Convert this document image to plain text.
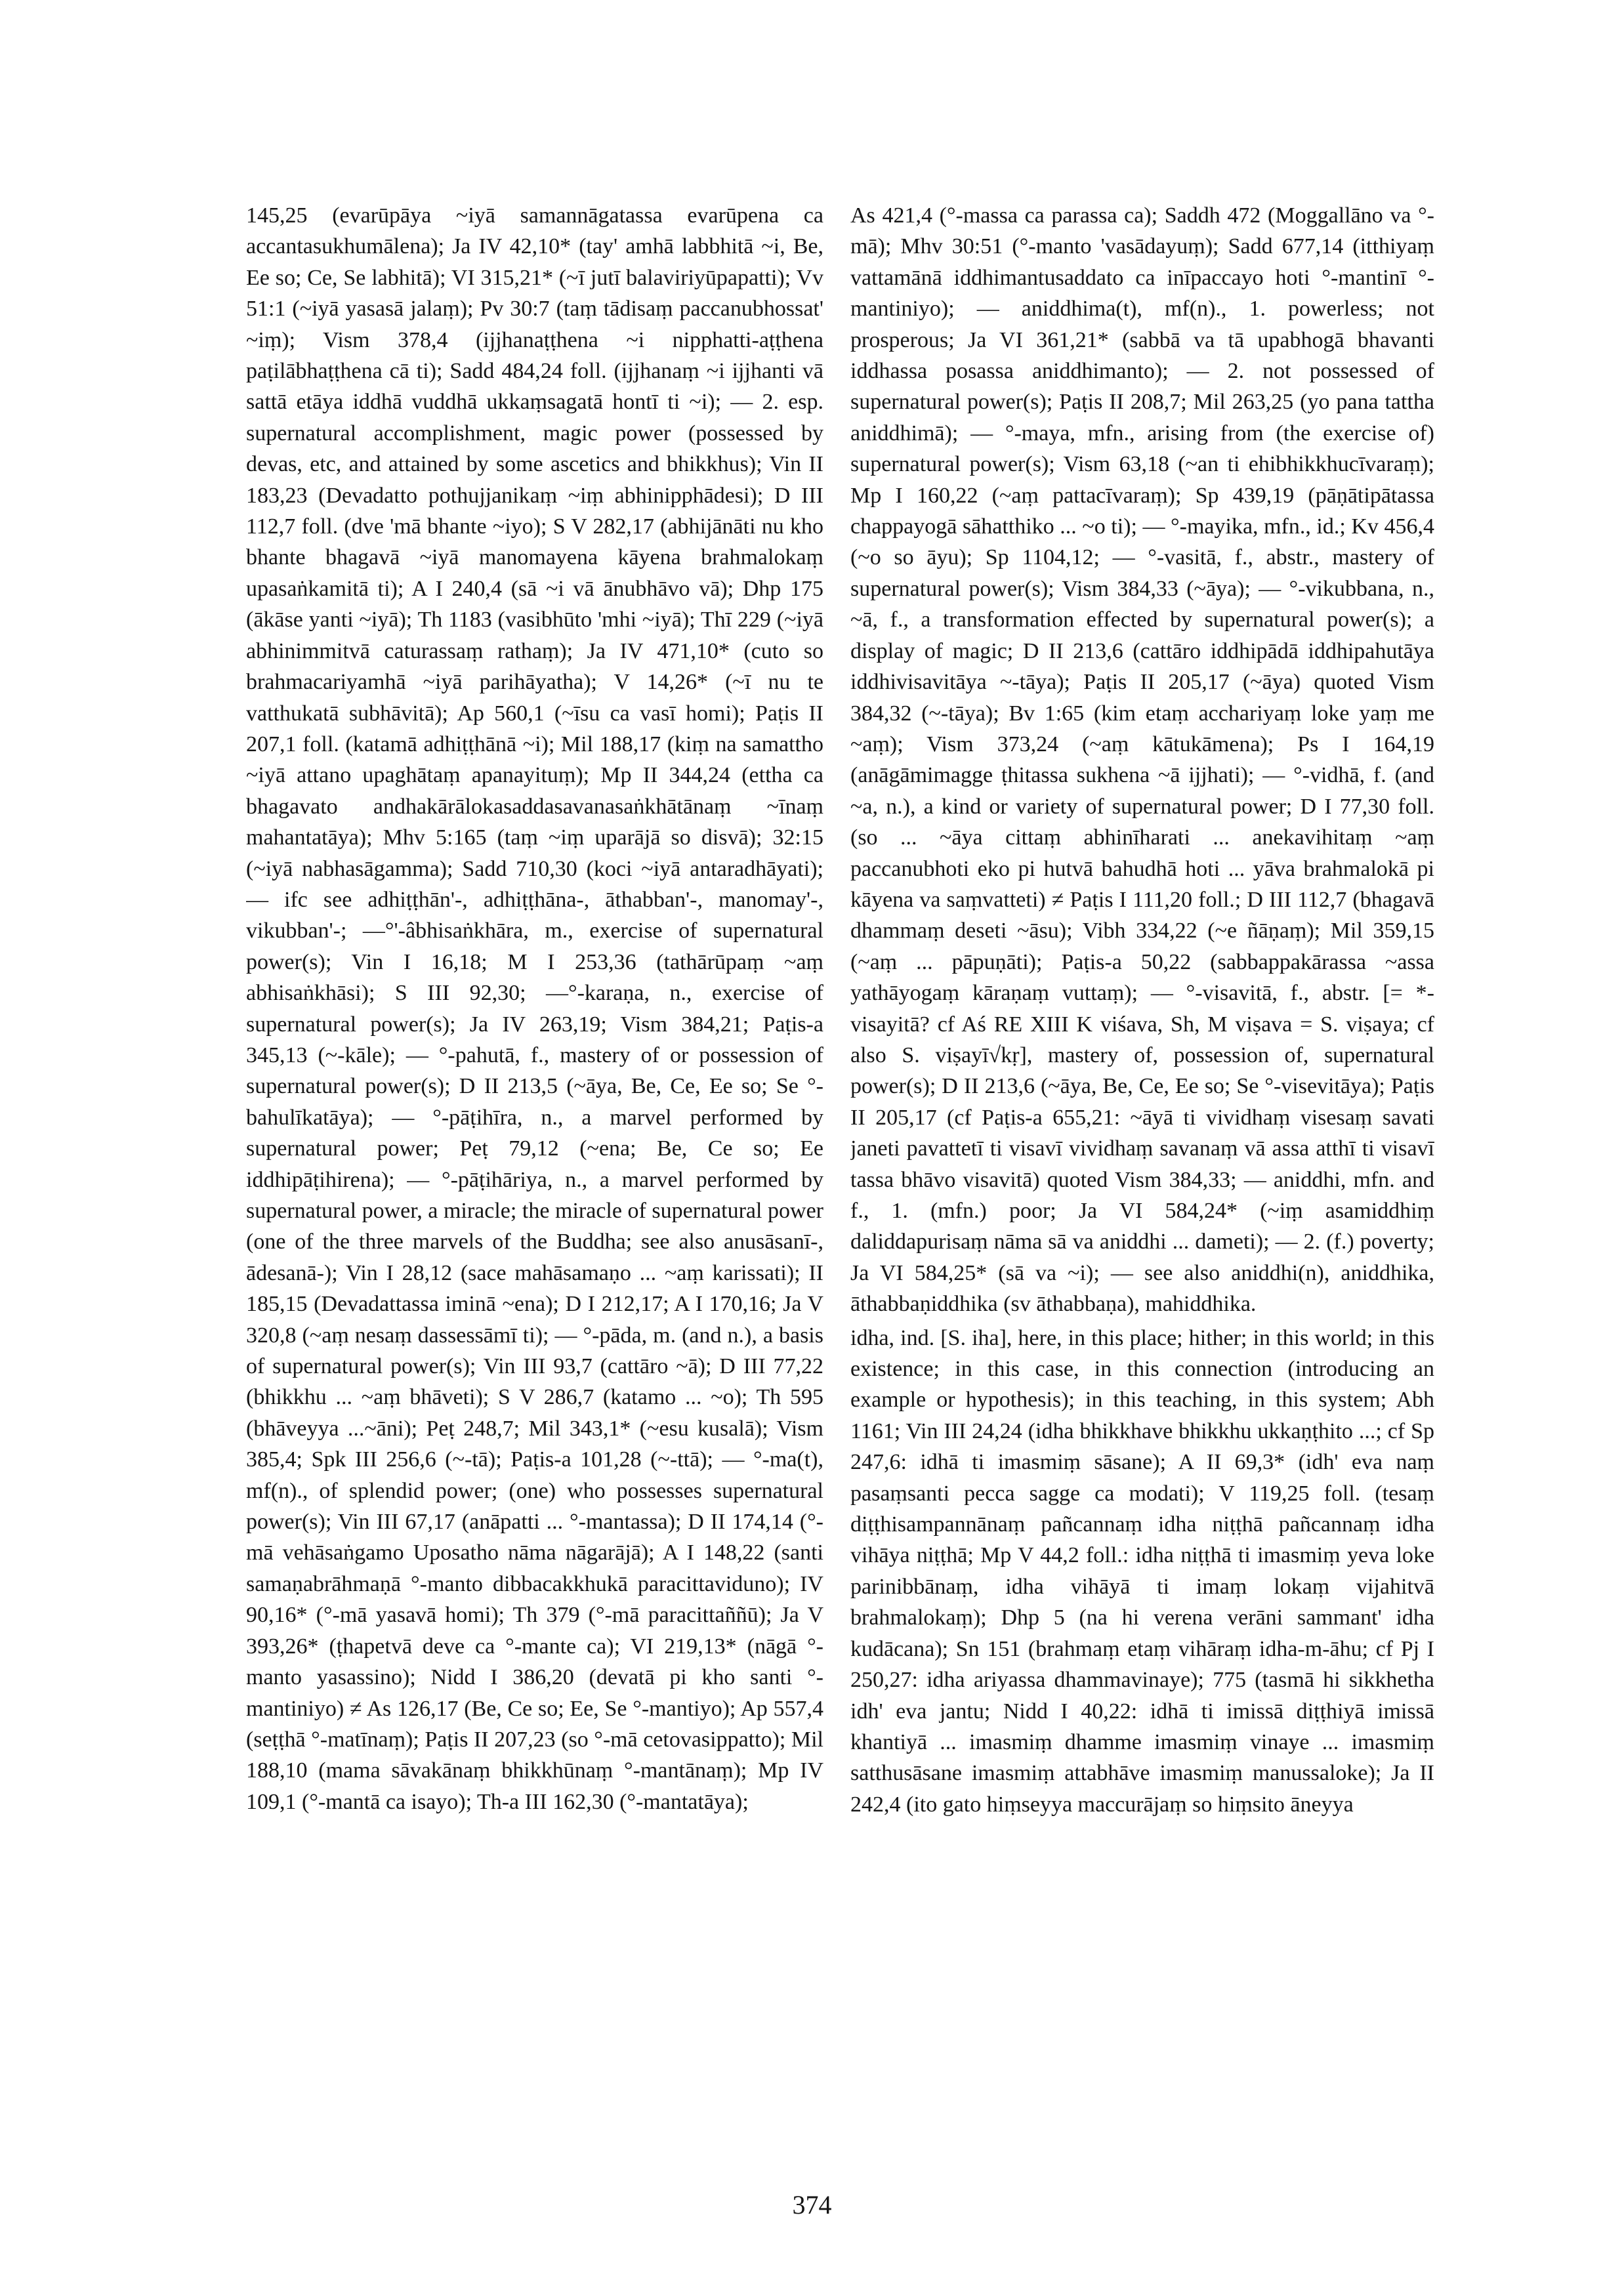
145,25 (evarūpāya ~iyā samannāgatassa evarūpena ca accantasukhumālena); Ja IV 42,10* (tay' amhā labbhitā ~i, Be, Ee so; Ce, Se labhitā); VI 315,21* (~ī jutī balaviriyūpapatti); Vv 51:1 (~iyā yasasā jalaṃ); Pv 30:7 (taṃ tādisaṃ paccanubhossat' ~iṃ); Vism 378,4 (ijjhanaṭṭhena ~i nipphatti-aṭṭhena paṭilābhaṭṭhena cā ti); Sadd 484,24 foll. (ijjhanaṃ ~i ijjhanti vā sattā etāya iddhā vuddhā ukkaṃsagatā hontī ti ~i); — 2. esp. supernatural accomplishment, magic power (possessed by devas, etc, and attained by some ascetics and bhikkhus); Vin II 183,23 (Devadatto pothujjanikaṃ ~iṃ abhinipphādesi); D III 112,7 foll. (dve 'mā bhante ~iyo); S V 282,17 (abhijānāti nu kho bhante bhagavā ~iyā manomayena kāyena brahmalokaṃ upasaṅkamitā ti); A I 240,4 (sā ~i vā ānubhāvo vā); Dhp 175 (ākāse yanti ~iyā); Th 1183 (vasibhūto 'mhi ~iyā); Thī 229 (~iyā abhinimmitvā caturassaṃ rathaṃ); Ja IV 471,10* (cuto so brahmacariyamhā ~iyā parihāyatha); V 14,26* (~ī nu te vatthukatā subhāvitā); Ap 560,1 (~īsu ca vasī homi); Paṭis II 207,1 foll. (katamā adhiṭṭhānā ~i); Mil 188,17 (kiṃ na samattho ~iyā attano upaghātaṃ apanayituṃ); Mp II 344,24 (ettha ca bhagavato andhakārālokasaddasavanasaṅkhātānaṃ ~īnaṃ mahantatāya); Mhv 5:165 (taṃ ~iṃ uparājā so disvā); 32:15 (~iyā nabhasāgamma); Sadd 710,30 (koci ~iyā antaradhāyati); — ifc see adhiṭṭhān'-, adhiṭṭhāna-, āthabban'-, manomay'-, vikubban'-; —°'-âbhisaṅkhāra, m., exercise of supernatural power(s); Vin I 16,18; M I 253,36 (tathārūpaṃ ~aṃ abhisaṅkhāsi); S III 92,30; —°-karaṇa, n., exercise of supernatural power(s); Ja IV 263,19; Vism 384,21; Paṭis-a 345,13 (~-kāle); — °-pahutā, f., mastery of or possession of supernatural power(s); D II 213,5 (~āya, Be, Ce, Ee so; Se °-bahulīkatāya); — °-pāṭihīra, n., a marvel performed by supernatural power; Peṭ 79,12 (~ena; Be, Ce so; Ee iddhipāṭihirena); — °-pāṭihāriya, n., a marvel performed by supernatural power, a miracle; the miracle of supernatural power (one of the three marvels of the Buddha; see also anusāsanī-, ādesanā-); Vin I 28,12 (sace mahāsamaṇo ... ~aṃ karissati); II 185,15 (Devadattassa iminā ~ena); D I 212,17; A I 170,16; Ja V 320,8 (~aṃ nesaṃ dassessāmī ti); — °-pāda, m. (and n.), a basis of supernatural power(s); Vin III 93,7 (cattāro ~ā); D III 77,22 (bhikkhu ... ~aṃ bhāveti); S V 286,7 (katamo ... ~o); Th 595 (bhāveyya ...~āni); Peṭ 248,7; Mil 343,1* (~esu kusalā); Vism 385,4; Spk III 256,6 (~-tā); Paṭis-a 101,28 (~-ttā); — °-ma(t), mf(n)., of splendid power; (one) who possesses supernatural power(s); Vin III 67,17 (anāpatti ... °-mantassa); D II 174,14 (°-mā vehāsaṅgamo Uposatho nāma nāgarājā); A I 148,22 (santi samaṇabrāhmaṇā °-manto dibbacakkhukā paracittaviduno); IV 90,16* (°-mā yasavā homi); Th 379 (°-mā paracittaññū); Ja V 393,26* (ṭhapetvā deve ca °-mante ca); VI 219,13* (nāgā °-manto yasassino); Nidd I 386,20 (devatā pi kho santi °-mantiniyo) ≠ As 126,17 (Be, Ce so; Ee, Se °-mantiyo); Ap 557,4 (seṭṭhā °-matīnaṃ); Paṭis II 207,23 (so °-mā cetovasippatto); Mil 188,10 (mama sāvakānaṃ bhikkhūnaṃ °-mantānaṃ); Mp IV 109,1 (°-mantā ca isayo); Th-a III 162,30 (°-mantatāya);

As 421,4 (°-massa ca parassa ca); Saddh 472 (Moggallāno va °-mā); Mhv 30:51 (°-manto 'vasādayuṃ); Sadd 677,14 (itthiyaṃ vattamānā iddhimantusaddato ca inīpaccayo hoti °-mantinī °-mantiniyo); — aniddhima(t), mf(n)., 1. powerless; not prosperous; Ja VI 361,21* (sabbā va tā upabhogā bhavanti iddhassa posassa aniddhimanto); — 2. not possessed of supernatural power(s); Paṭis II 208,7; Mil 263,25 (yo pana tattha aniddhimā); — °-maya, mfn., arising from (the exercise of) supernatural power(s); Vism 63,18 (~an ti ehibhikkhucīvaraṃ); Mp I 160,22 (~aṃ pattacīvaraṃ); Sp 439,19 (pāṇātipātassa chappayogā sāhatthiko ... ~o ti); — °-mayika, mfn., id.; Kv 456,4 (~o so āyu); Sp 1104,12; — °-vasitā, f., abstr., mastery of supernatural power(s); Vism 384,33 (~āya); — °-vikubbana, n., ~ā, f., a transformation effected by supernatural power(s); a display of magic; D II 213,6 (cattāro iddhipādā iddhipahutāya iddhivisavitāya ~-tāya); Paṭis II 205,17 (~āya) quoted Vism 384,32 (~-tāya); Bv 1:65 (kim etaṃ acchariyaṃ loke yaṃ me ~aṃ); Vism 373,24 (~aṃ kātukāmena); Ps I 164,19 (anāgāmimagge ṭhitassa sukhena ~ā ijjhati); — °-vidhā, f. (and ~a, n.), a kind or variety of supernatural power; D I 77,30 foll. (so ... ~āya cittaṃ abhinīharati ... anekavihitaṃ ~aṃ paccanubhoti eko pi hutvā bahudhā hoti ... yāva brahmalokā pi kāyena va saṃvatteti) ≠ Paṭis I 111,20 foll.; D III 112,7 (bhagavā dhammaṃ deseti ~āsu); Vibh 334,22 (~e ñāṇaṃ); Mil 359,15 (~aṃ ... pāpuṇāti); Paṭis-a 50,22 (sabbappakārassa ~assa yathāyogaṃ kāraṇaṃ vuttaṃ); — °-visavitā, f., abstr. [= *-visayitā? cf Aś RE XIII K viśava, Sh, M viṣava = S. viṣaya; cf also S. viṣayī√kṛ], mastery of, possession of, supernatural power(s); D II 213,6 (~āya, Be, Ce, Ee so; Se °-visevitāya); Paṭis II 205,17 (cf Paṭis-a 655,21: ~āyā ti vividhaṃ visesaṃ savati janeti pavattetī ti visavī vividhaṃ savanaṃ vā assa atthī ti visavī tassa bhāvo visavitā) quoted Vism 384,33; — aniddhi, mfn. and f., 1. (mfn.) poor; Ja VI 584,24* (~iṃ asamiddhiṃ daliddapurisaṃ nāma sā va aniddhi ... dameti); — 2. (f.) poverty; Ja VI 584,25* (sā va ~i); — see also aniddhi(n), aniddhika, āthabbaṇiddhika (sv āthabbaṇa), mahiddhika.

idha, ind. [S. iha], here, in this place; hither; in this world; in this existence; in this case, in this connection (introducing an example or hypothesis); in this teaching, in this system; Abh 1161; Vin III 24,24 (idha bhikkhave bhikkhu ukkaṇṭhito ...; cf Sp 247,6: idhā ti imasmiṃ sāsane); A II 69,3* (idh' eva naṃ pasaṃsanti pecca sagge ca modati); V 119,25 foll. (tesaṃ diṭṭhisampannānaṃ pañcannaṃ idha niṭṭhā pañcannaṃ idha vihāya niṭṭhā; Mp V 44,2 foll.: idha niṭṭhā ti imasmiṃ yeva loke parinibbānaṃ, idha vihāyā ti imaṃ lokaṃ vijahitvā brahmalokaṃ); Dhp 5 (na hi verena verāni sammant' idha kudācana); Sn 151 (brahmaṃ etaṃ vihāraṃ idha-m-āhu; cf Pj I 250,27: idha ariyassa dhammavinaye); 775 (tasmā hi sikkhetha idh' eva jantu; Nidd I 40,22: idhā ti imissā diṭṭhiyā imissā khantiyā ... imasmiṃ dhamme imasmiṃ vinaye ... imasmiṃ satthusāsane imasmiṃ attabhāve imasmiṃ manussaloke); Ja II 242,4 (ito gato hiṃseyya maccurājaṃ so hiṃsito āneyya

374
